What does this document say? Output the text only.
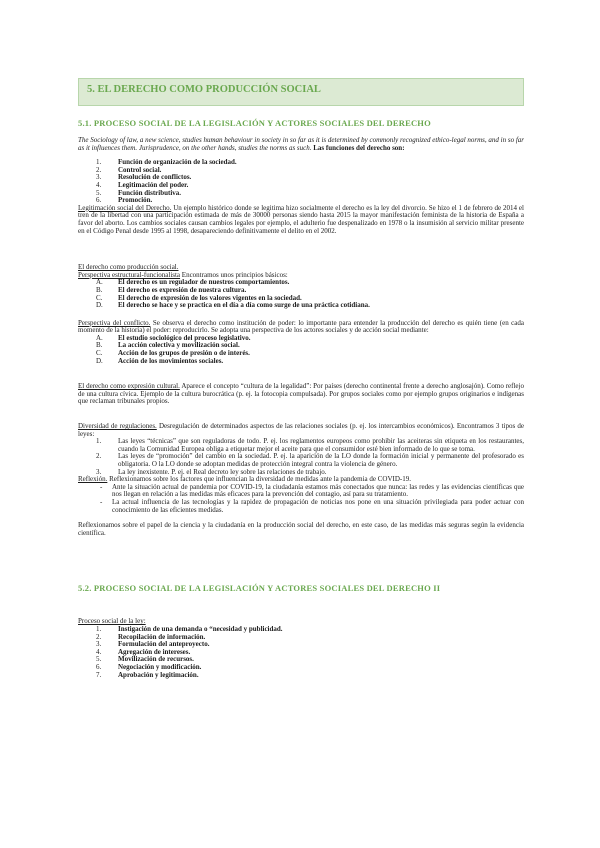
5. EL DERECHO COMO PRODUCCIÓN SOCIAL
5.1. PROCESO SOCIAL DE LA LEGISLACIÓN Y ACTORES SOCIALES DEL DERECHO

The Sociology of law, a new science, studies human behaviour in society in so far as it is determined by commonly recognized ethico-legal norms, and in so far as it influences them. Jurisprudence, on the other hands, studies the norms as such. Las funciones del derecho son:

1.	Función de organización de la sociedad.
2.	Control social.
3.	Resolución de conflictos.
4.	Legitimación del poder.
5.	Función distributiva.
6.	Promoción.

Legitimación social del Derecho. Un ejemplo histórico donde se legitima hizo socialmente el derecho es la ley del divorcio. Se hizo el 1 de febrero de 2014 el tren de la libertad con una participación estimada de más de 30000 personas siendo hasta 2015 la mayor manifestación feminista de la historia de España a favor del aborto. Los cambios sociales causan cambios legales por ejemplo, el adulterio fue despenalizado en 1978 o la insumisión al servicio militar presente en el Código Penal desde 1995 al 1998, desapareciendo definitivamente el delito en el 2002.

El derecho como producción social.

Perspectiva estructural-funcionalista Encontramos unos principios básicos:

A.	El derecho es un regulador de nuestros comportamientos.
B.	El derecho es expresión de nuestra cultura.
C.	El derecho de expresión de los valores vigentes en la sociedad.
D.	El derecho se hace y se practica en el día a día como surge de una práctica cotidiana.

Perspectiva del conflicto. Se observa el derecho como institución de poder: lo importante para entender la producción del derecho es quién tiene (en cada momento de la historia) el poder: reproducirlo. Se adopta una perspectiva de los actores sociales y de acción social mediante:

A.	El estudio sociológico del proceso legislativo.
B.	La acción colectiva y movilización social.
C.	Acción de los grupos de presión o de interés.
D.	Acción de los movimientos sociales.

El derecho como expresión cultural. Aparece el concepto “cultura de la legalidad”: Por países (derecho continental frente a derecho anglosajón). Como reflejo de una cultura cívica. Ejemplo de la cultura burocrática (p. ej. la fotocopia compulsada). Por grupos sociales como por ejemplo grupos originarios e indígenas que reclaman tribunales propios.

Diversidad de regulaciones. Desregulación de determinados aspectos de las relaciones sociales (p. ej. los intercambios económicos). Encontramos 3 tipos de leyes:

1.	Las leyes “técnicas” que son reguladoras de todo. P. ej. los reglamentos europeos como prohibir las aceiteras sin etiqueta en los restaurantes, cuando la Comunidad Europea obliga a etiquetar mejor el aceite para que el consumidor esté bien informado de lo que se toma.
2.	Las leyes de “promoción” del cambio en la sociedad. P. ej. la aparición de la LO donde la formación inicial y permanente del profesorado es obligatoria. O la LO donde se adoptan medidas de protección integral contra la violencia de género.
3.	La ley inexistente. P. ej. el Real decreto ley sobre las relaciones de trabajo.

Reflexión. Reflexionamos sobre los factores que influencian la diversidad de medidas ante la pandemia de COVID-19.

-	Ante la situación actual de pandemia por COVID-19, la ciudadanía estamos más conectados que nunca: las redes y las evidencias científicas que nos llegan en relación a las medidas más eficaces para la prevención del contagio, así para su tratamiento.
-	La actual influencia de las tecnologías y la rapidez de propagación de noticias nos pone en una situación privilegiada para poder actuar con conocimiento de las eficientes medidas.

Reflexionamos sobre el papel de la ciencia y la ciudadanía en la producción social del derecho, en este caso, de las medidas más seguras según la evidencia científica.

5.2. PROCESO SOCIAL DE LA LEGISLACIÓN Y ACTORES SOCIALES DEL DERECHO II

Proceso social de la ley:

1.	Instigación de una demanda o “necesidad y publicidad.
2.	Recopilación de información.
3.	Formulación del anteproyecto.
4.	Agregación de intereses.
5.	Movilización de recursos.
6.	Negociación y modificación.
7.	Aprobación y legitimación.
